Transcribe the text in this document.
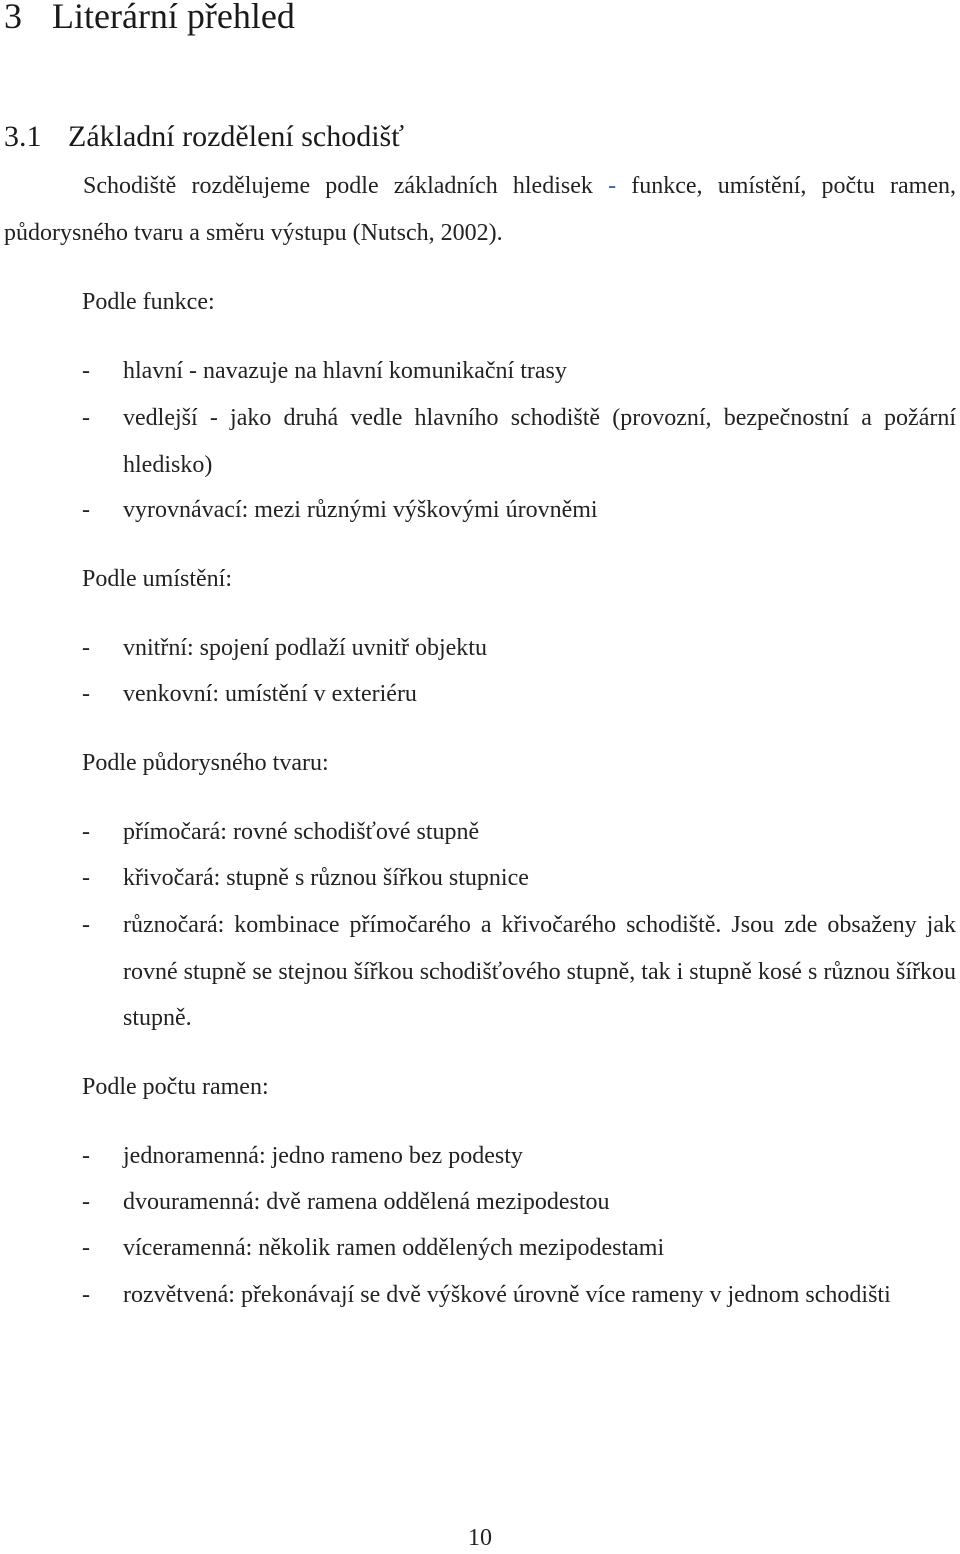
3 Literární přehled
3.1 Základní rozdělení schodišť
Schodiště rozdělujeme podle základních hledisek - funkce, umístění, počtu ramen, půdorysného tvaru a směru výstupu (Nutsch, 2002).
Podle funkce:
- hlavní - navazuje na hlavní komunikační trasy
- vedlejší - jako druhá vedle hlavního schodiště (provozní, bezpečnostní a požární hledisko)
- vyrovnávací: mezi různými výškovými úrovněmi
Podle umístění:
- vnitřní: spojení podlaží uvnitř objektu
- venkovní: umístění v exteriéru
Podle půdorysného tvaru:
- přímočará: rovné schodišťové stupně
- křivočará: stupně s různou šířkou stupnice
- různočará: kombinace přímočarého a křivočarého schodiště. Jsou zde obsaženy jak rovné stupně se stejnou šířkou schodišťového stupně, tak i stupně kosé s různou šířkou stupně.
Podle počtu ramen:
- jednoramenná: jedno rameno bez podesty
- dvouramenná: dvě ramena oddělená mezipodestou
- víceramenná: několik ramen oddělených mezipodestami
- rozvětvená: překonávají se dvě výškové úrovně více rameny v jednom schodišti
10
